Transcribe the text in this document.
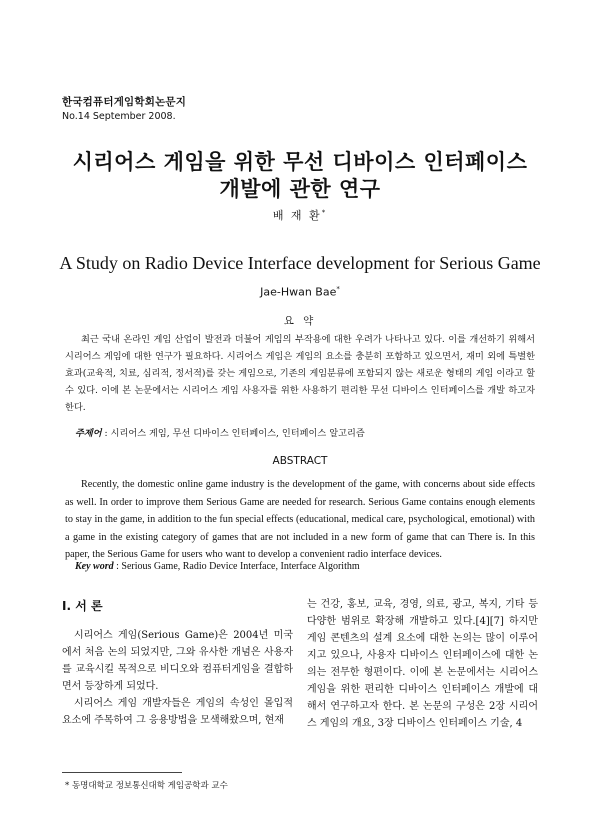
한국컴퓨터게임학회논문지
No.14 September 2008.
시리어스 게임을 위한 무선 디바이스 인터페이스
개발에 관한 연구
배 재 환*
A Study on Radio Device Interface development for Serious Game
Jae-Hwan Bae*
요 약
최근 국내 온라인 게임 산업이 발전과 더불어 게임의 부작용에 대한 우려가 나타나고 있다. 이를 개선하기 위해서 시리어스 게임에 대한 연구가 필요하다. 시리어스 게임은 게임의 요소를 충분히 포함하고 있으면서, 재미 외에 특별한 효과(교육적, 치료, 심리적, 정서적)를 갖는 게임으로, 기존의 게임분류에 포함되지 않는 새로운 형태의 게임 이라고 할 수 있다. 이에 본 논문에서는 시리어스 게임 사용자를 위한 사용하기 편리한 무선 디바이스 인터페이스를 개발 하고자 한다.
주제어 : 시리어스 게임, 무선 디바이스 인터페이스, 인터페이스 알고리즘
ABSTRACT
Recently, the domestic online game industry is the development of the game, with concerns about side effects as well. In order to improve them Serious Game are needed for research. Serious Game contains enough elements to stay in the game, in addition to the fun special effects (educational, medical care, psychological, emotional) with a game in the existing category of games that are not included in a new form of game that can There is. In this paper, the Serious Game for users who want to develop a convenient radio interface devices.
Key word : Serious Game, Radio Device Interface, Interface Algorithm
Ⅰ. 서 론

시리어스 게임(Serious Game)은 2004년 미국에서 처음 논의 되었지만, 그와 유사한 개념은 사용자를 교육시킬 목적으로 비디오와 컴퓨터게임을 결합하면서 등장하게 되었다.

시리어스 게임 개발자들은 게임의 속성인 몰입적 요소에 주목하여 그 응용방법을 모색해왔으며, 현재

는 건강, 홍보, 교육, 경영, 의료, 광고, 복지, 기타 등 다양한 범위로 확장해 개발하고 있다.[4][7] 하지만 게임 콘텐츠의 설계 요소에 대한 논의는 많이 이루어지고 있으나, 사용자 디바이스 인터페이스에 대한 논의는 전무한 형편이다. 이에 본 논문에서는 시리어스 게임을 위한 편리한 디바이스 인터페이스 개발에 대해서 연구하고자 한다. 본 논문의 구성은 2장 시리어스 게임의 개요, 3장 디바이스 인터페이스 기술, 4

* 동명대학교 정보통신대학 게임공학과 교수
